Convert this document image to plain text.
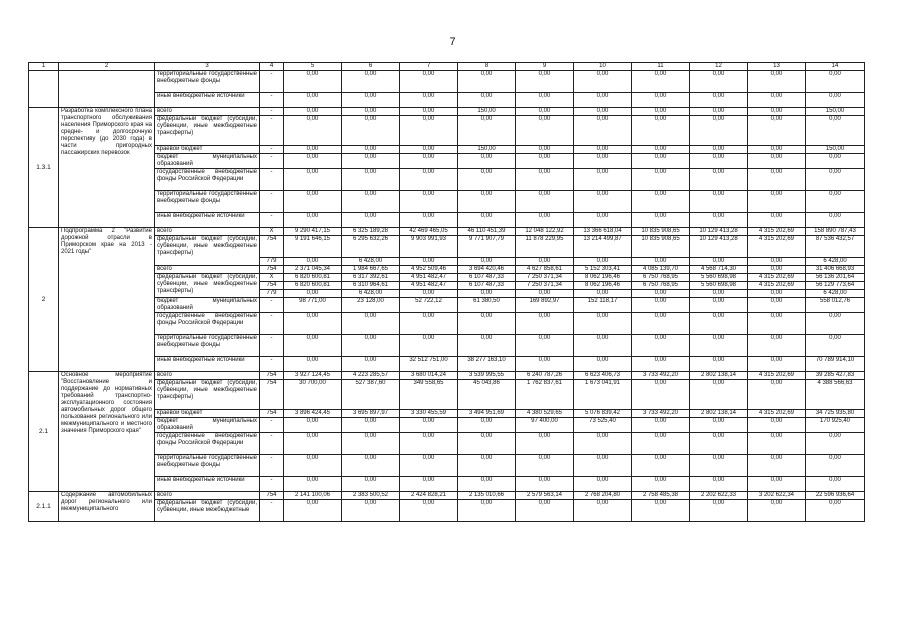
7
1	2	3	4	5	6	7	8	9	10	11	12	13	14
		территориальные государственные внебюджетные фонды	-	0,00	0,00	0,00	0,00	0,00	0,00	0,00	0,00	0,00	0,00
		иные внебюджетные источники	-	0,00	0,00	0,00	0,00	0,00	0,00	0,00	0,00	0,00	0,00
1.3.1	Разработка комплексного плана транспортного обслуживания населения Приморского края на средне- и долгосрочную перспективу (до 2030 года) в части пригородных пассажирских перевозок	всего	-	0,00	0,00	0,00	150,00	0,00	0,00	0,00	0,00	0,00	150,00
		федеральный бюджет (субсидии, субвенции, иные межбюджетные трансферты)	-	0,00	0,00	0,00	0,00	0,00	0,00	0,00	0,00	0,00	0,00
		краевой бюджет	-	0,00	0,00	0,00	150,00	0,00	0,00	0,00	0,00	0,00	150,00
		бюджет муниципальных образований	-	0,00	0,00	0,00	0,00	0,00	0,00	0,00	0,00	0,00	0,00
		государственные внебюджетные фонды Российской Федерации	-	0,00	0,00	0,00	0,00	0,00	0,00	0,00	0,00	0,00	0,00
		территориальные государственные внебюджетные фонды	-	0,00	0,00	0,00	0,00	0,00	0,00	0,00	0,00	0,00	0,00
		иные внебюджетные источники	-	0,00	0,00	0,00	0,00	0,00	0,00	0,00	0,00	0,00	0,00
2	Подпрограмма 2 "Развитие дорожной отрасли в Приморском крае на 2013 - 2021 годы"	всего	X	9 290 417,15	6 325 189,28	42 469 465,05	46 110 451,39	12 048 122,92	13 366 618,04	10 835 908,65	10 129 413,28	4 315 202,69	158 890 787,43
		федеральный бюджет (субсидии, субвенции, иные межбюджетные трансферты)	754	9 191 646,15	6 295 632,26	9 903 991,93	9 771 907,79	11 878 229,95	13 214 499,87	10 835 908,65	10 129 413,28	4 315 202,69	87 536 432,57
			779	0,00	6 428,00	0,00	0,00	0,00	0,00	0,00	0,00	0,00	6 428,00
		всего	754	2 371 045,34	1 984 667,65	4 952 509,46	3 694 420,46	4 627 858,61	5 152 303,41	4 085 139,70	4 568 714,30	0,00	31 406 668,93
		федеральный бюджет (субсидии, субвенции, иные межбюджетные трансферты)	X	6 820 600,81	6 317 392,61	4 951 482,47	6 107 487,33	7 250 371,34	8 062 196,46	6 750 768,95	5 560 698,98	4 315 202,69	56 136 201,64
			754	6 820 600,81	6 310 964,61	4 951 482,47	6 107 487,33	7 250 371,34	8 062 196,46	6 750 768,95	5 560 698,98	4 315 202,69	56 129 773,64
			779	0,00	6 428,00	0,00	0,00	0,00	0,00	0,00	0,00	0,00	6 428,00
		бюджет муниципальных образований	-	98 771,00	23 128,00	52 722,12	61 380,50	169 892,97	152 118,17	0,00	0,00	0,00	558 012,76
		государственные внебюджетные фонды Российской Федерации	-	0,00	0,00	0,00	0,00	0,00	0,00	0,00	0,00	0,00	0,00
		территориальные государственные внебюджетные фонды	-	0,00	0,00	0,00	0,00	0,00	0,00	0,00	0,00	0,00	0,00
		иные внебюджетные источники	-	0,00	0,00	32 512 751,00	38 277 163,10	0,00	0,00	0,00	0,00	0,00	70 789 914,10
2.1	Основное мероприятие "Восстановление и поддержание до нормативных требований транспортно-эксплуатационного состояния автомобильных дорог общего пользования регионального или межмуниципального и местного значения Приморского края"	всего	754	3 927 124,45	4 223 285,57	3 680 014,24	3 539 995,55	6 240 787,26	6 623 406,73	3 733 492,20	2 802 138,14	4 315 202,69	39 285 427,83
		федеральный бюджет (субсидии, субвенции, иные межбюджетные трансферты)	754	30 700,00	527 387,60	349 558,65	45 043,86	1 762 837,61	1 673 041,91	0,00	0,00	0,00	4 388 566,63
		краевой бюджет	754	3 896 424,45	3 695 897,97	3 330 455,59	3 494 951,69	4 380 529,65	5 076 839,42	3 733 492,20	2 802 138,14	4 315 202,69	34 725 935,80
		бюджет муниципальных образований	-	0,00	0,00	0,00	0,00	97 400,00	73 525,40	0,00	0,00	0,00	170 925,40
		государственные внебюджетные фонды Российской Федерации	-	0,00	0,00	0,00	0,00	0,00	0,00	0,00	0,00	0,00	0,00
		территориальные государственные внебюджетные фонды	-	0,00	0,00	0,00	0,00	0,00	0,00	0,00	0,00	0,00	0,00
		иные внебюджетные источники	-	0,00	0,00	0,00	0,00	0,00	0,00	0,00	0,00	0,00	0,00
2.1.1	Содержание автомобильных дорог регионального или межмуниципального	всего	754	2 141 100,06	2 383 500,52	2 424 828,21	2 135 010,66	2 579 563,14	2 768 204,80	2 758 485,38	2 202 622,33	3 202 622,34	22 596 936,64
		федеральный бюджет (субсидии, субвенции, иные межбюджетные	-	0,00	0,00	0,00	0,00	0,00	0,00	0,00	0,00	0,00	0,00
